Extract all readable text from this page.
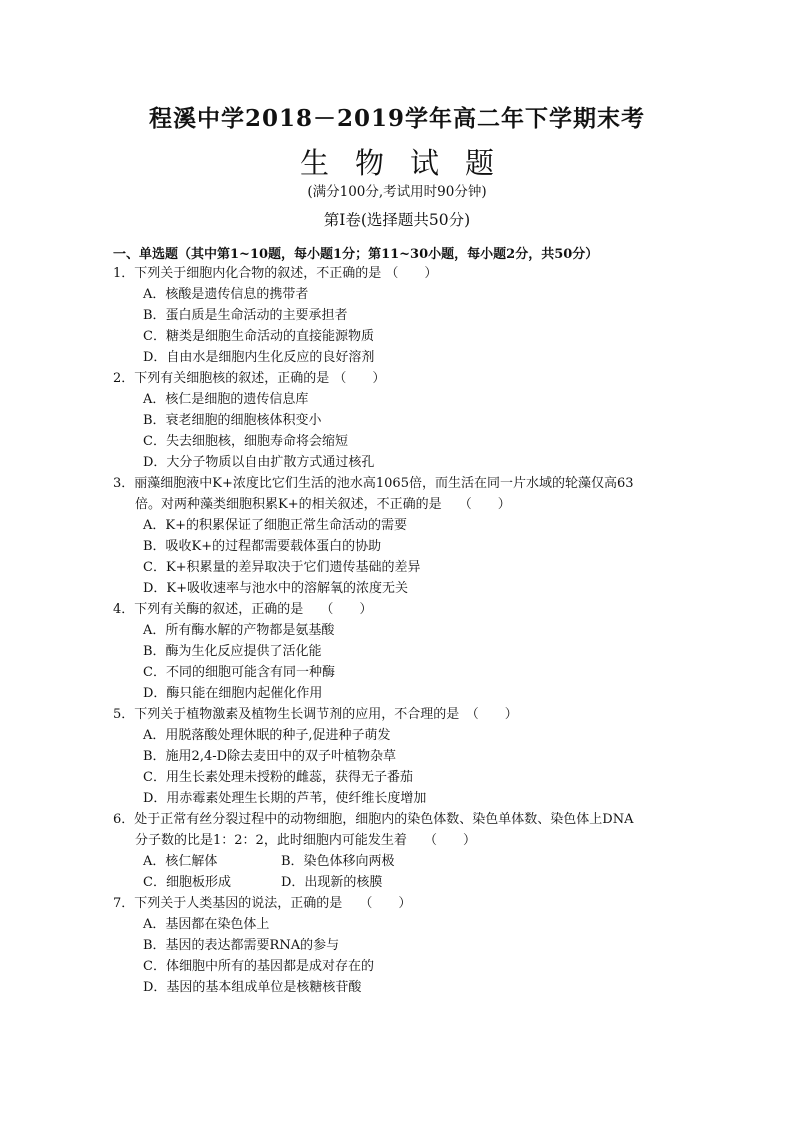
程溪中学2018－2019学年高二年下学期末考
生物试题
(满分100分,考试用时90分钟)
第Ⅰ卷(选择题共50分)
一、单选题（其中第1~10题，每小题1分；第11~30小题，每小题2分，共50分）
1．下列关于细胞内化合物的叙述，不正确的是 （　　）
A．核酸是遗传信息的携带者
B．蛋白质是生命活动的主要承担者
C．糖类是细胞生命活动的直接能源物质
D．自由水是细胞内生化反应的良好溶剂
2．下列有关细胞核的叙述，正确的是 （　　）
A．核仁是细胞的遗传信息库
B．衰老细胞的细胞核体积变小
C．失去细胞核，细胞寿命将会缩短
D．大分子物质以自由扩散方式通过核孔
3．丽藻细胞液中K+浓度比它们生活的池水高1065倍，而生活在同一片水域的轮藻仅高63
倍。对两种藻类细胞积累K+的相关叙述，不正确的是　 （　　）
A．K+的积累保证了细胞正常生命活动的需要
B．吸收K+的过程都需要载体蛋白的协助
C．K+积累量的差异取决于它们遗传基础的差异
D．K+吸收速率与池水中的溶解氧的浓度无关
4．下列有关酶的叙述，正确的是　 （　　）
A．所有酶水解的产物都是氨基酸
B．酶为生化反应提供了活化能
C．不同的细胞可能含有同一种酶
D．酶只能在细胞内起催化作用
5．下列关于植物激素及植物生长调节剂的应用，不合理的是　（　　）
A．用脱落酸处理休眠的种子,促进种子萌发
B．施用2,4-D除去麦田中的双子叶植物杂草
C．用生长素处理未授粉的雌蕊，获得无子番茄
D．用赤霉素处理生长期的芦苇，使纤维长度增加
6．处于正常有丝分裂过程中的动物细胞，细胞内的染色体数、染色单体数、染色体上DNA
分子数的比是1：2：2，此时细胞内可能发生着　 （　　）
A．核仁解体	B．染色体移向两极
C．细胞板形成	D．出现新的核膜
7．下列关于人类基因的说法，正确的是　 （　　）
A．基因都在染色体上
B．基因的表达都需要RNA的参与
C．体细胞中所有的基因都是成对存在的
D．基因的基本组成单位是核糖核苷酸
